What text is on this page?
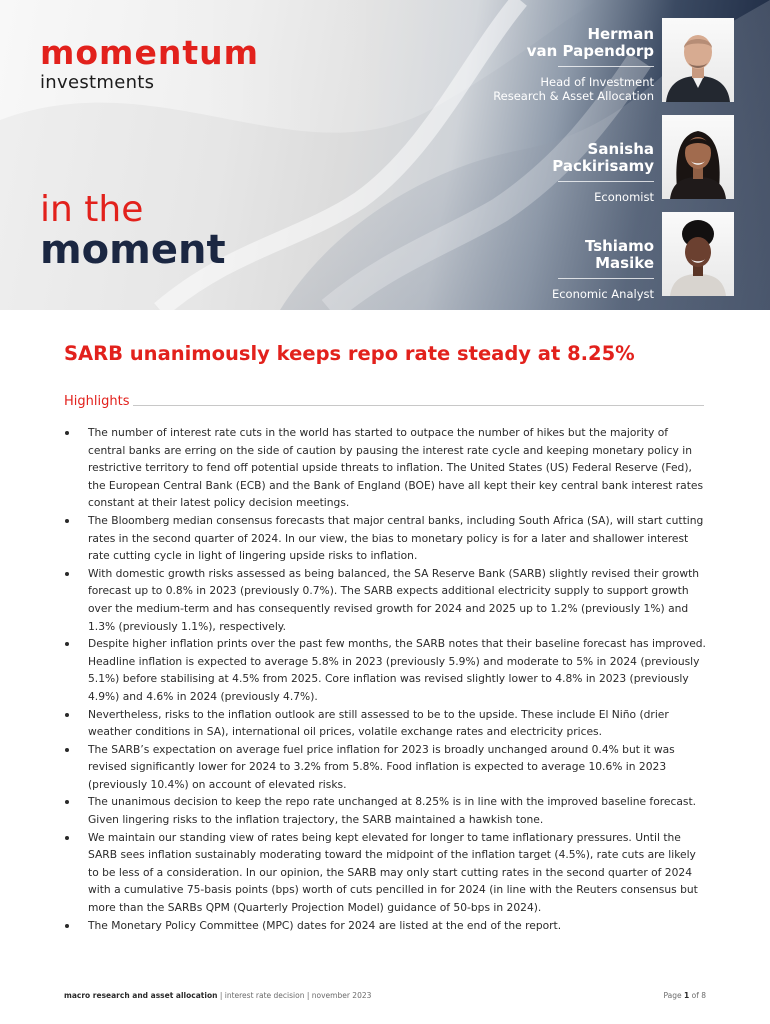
momentum
investments
in the
moment
Herman
van Papendorp
Head of Investment
Research & Asset Allocation
Sanisha
Packirisamy
Economist
Tshiamo
Masike
Economic Analyst
SARB unanimously keeps repo rate steady at 8.25%
Highlights
The number of interest rate cuts in the world has started to outpace the number of hikes but the majority of central banks are erring on the side of caution by pausing the interest rate cycle and keeping monetary policy in restrictive territory to fend off potential upside threats to inflation. The United States (US) Federal Reserve (Fed), the European Central Bank (ECB) and the Bank of England (BOE) have all kept their key central bank interest rates constant at their latest policy decision meetings.
The Bloomberg median consensus forecasts that major central banks, including South Africa (SA), will start cutting rates in the second quarter of 2024. In our view, the bias to monetary policy is for a later and shallower interest rate cutting cycle in light of lingering upside risks to inflation.
With domestic growth risks assessed as being balanced, the SA Reserve Bank (SARB) slightly revised their growth forecast up to 0.8% in 2023 (previously 0.7%). The SARB expects additional electricity supply to support growth over the medium-term and has consequently revised growth for 2024 and 2025 up to 1.2% (previously 1%) and 1.3% (previously 1.1%), respectively.
Despite higher inflation prints over the past few months, the SARB notes that their baseline forecast has improved. Headline inflation is expected to average 5.8% in 2023 (previously 5.9%) and moderate to 5% in 2024 (previously 5.1%) before stabilising at 4.5% from 2025. Core inflation was revised slightly lower to 4.8% in 2023 (previously 4.9%) and 4.6% in 2024 (previously 4.7%).
Nevertheless, risks to the inflation outlook are still assessed to be to the upside. These include El Niño (drier weather conditions in SA), international oil prices, volatile exchange rates and electricity prices.
The SARB’s expectation on average fuel price inflation for 2023 is broadly unchanged around 0.4% but it was revised significantly lower for 2024 to 3.2% from 5.8%. Food inflation is expected to average 10.6% in 2023 (previously 10.4%) on account of elevated risks.
The unanimous decision to keep the repo rate unchanged at 8.25% is in line with the improved baseline forecast. Given lingering risks to the inflation trajectory, the SARB maintained a hawkish tone.
We maintain our standing view of rates being kept elevated for longer to tame inflationary pressures. Until the SARB sees inflation sustainably moderating toward the midpoint of the inflation target (4.5%), rate cuts are likely to be less of a consideration. In our opinion, the SARB may only start cutting rates in the second quarter of 2024 with a cumulative 75-basis points (bps) worth of cuts pencilled in for 2024 (in line with the Reuters consensus but more than the SARBs QPM (Quarterly Projection Model) guidance of 50-bps in 2024).
The Monetary Policy Committee (MPC) dates for 2024 are listed at the end of the report.
macro research and asset allocation | interest rate decision | november 2023	Page 1 of 8
